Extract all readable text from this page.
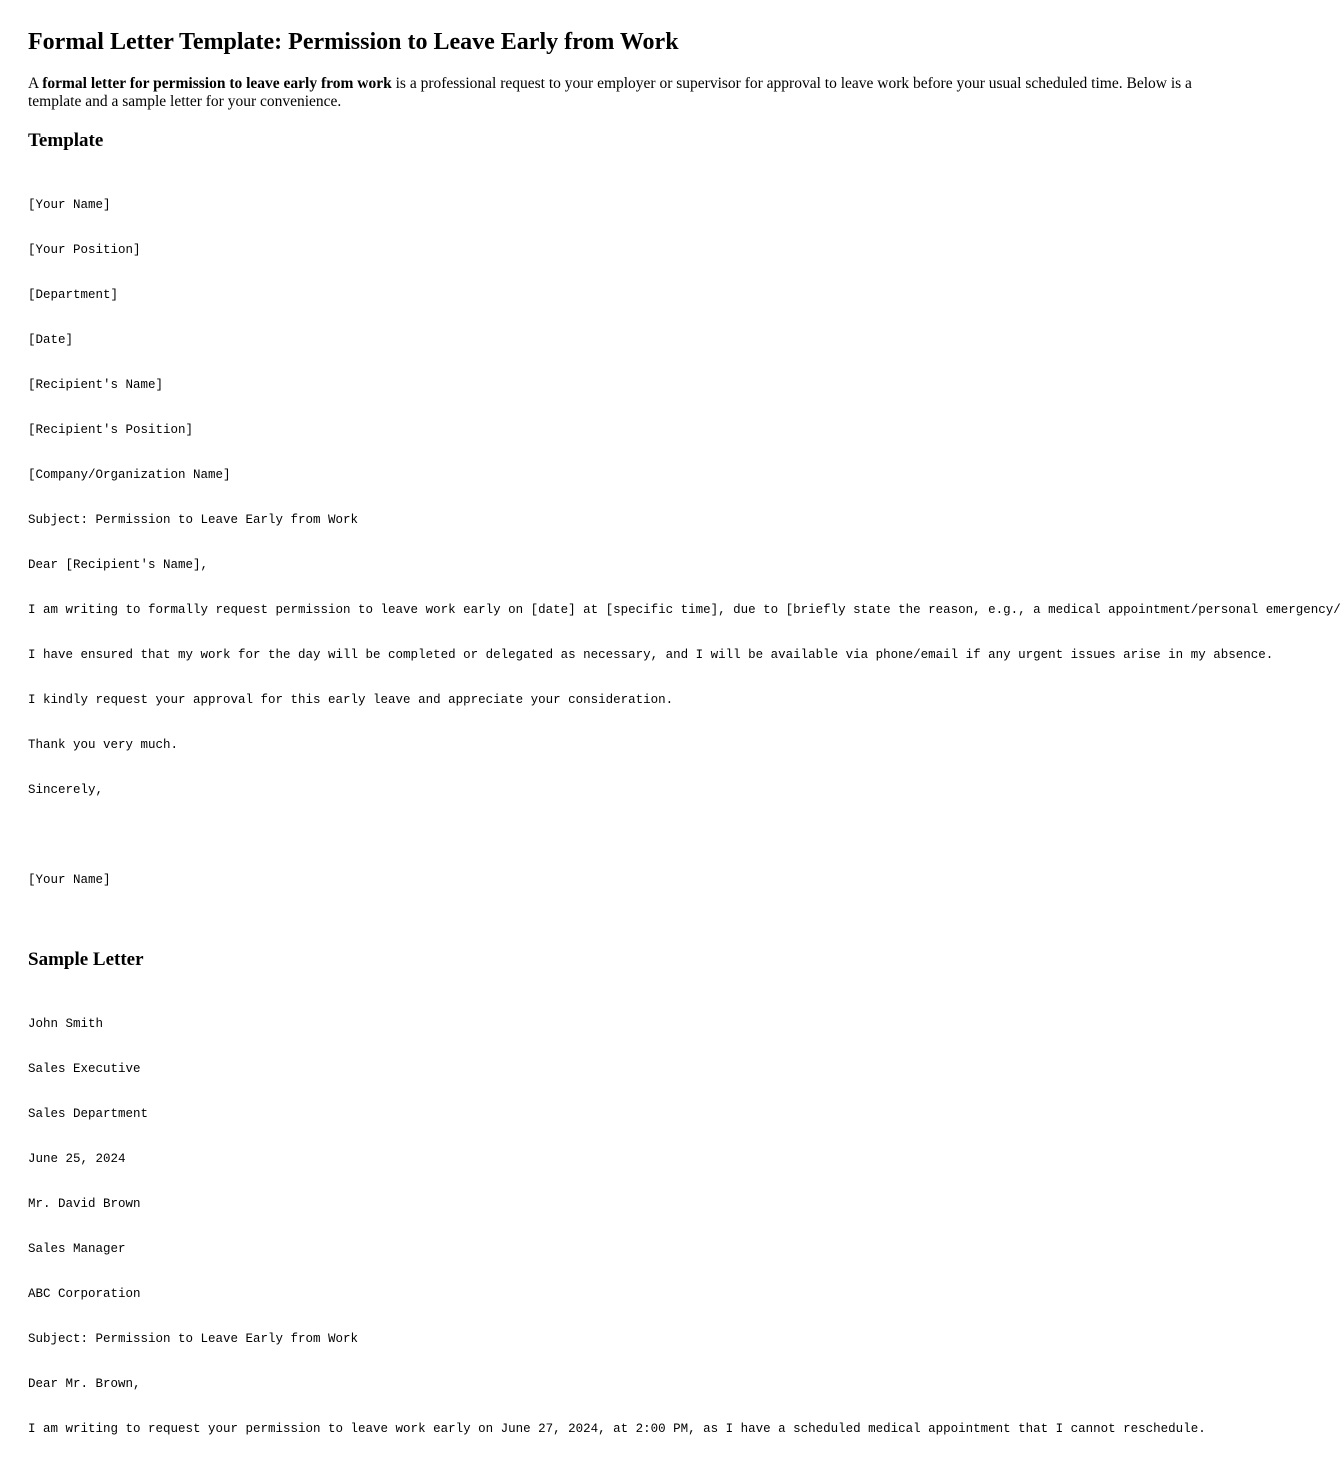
Formal Letter Template: Permission to Leave Early from Work

A formal letter for permission to leave early from work is a professional request to your employer or supervisor for approval to leave work before your usual scheduled time. Below is a template and a sample letter for your convenience.

Template

[Your Name]

[Your Position]

[Department]

[Date]

[Recipient's Name]

[Recipient's Position]

[Company/Organization Name]

Subject: Permission to Leave Early from Work

Dear [Recipient's Name],

I am writing to formally request permission to leave work early on [date] at [specific time], due to [briefly state the reason, e.g., a medical appointment/personal emergency/

I have ensured that my work for the day will be completed or delegated as necessary, and I will be available via phone/email if any urgent issues arise in my absence.

I kindly request your approval for this early leave and appreciate your consideration.

Thank you very much.

Sincerely,

[Your Name]

Sample Letter

John Smith

Sales Executive

Sales Department

June 25, 2024

Mr. David Brown

Sales Manager

ABC Corporation

Subject: Permission to Leave Early from Work

Dear Mr. Brown,

I am writing to request your permission to leave work early on June 27, 2024, at 2:00 PM, as I have a scheduled medical appointment that I cannot reschedule.
